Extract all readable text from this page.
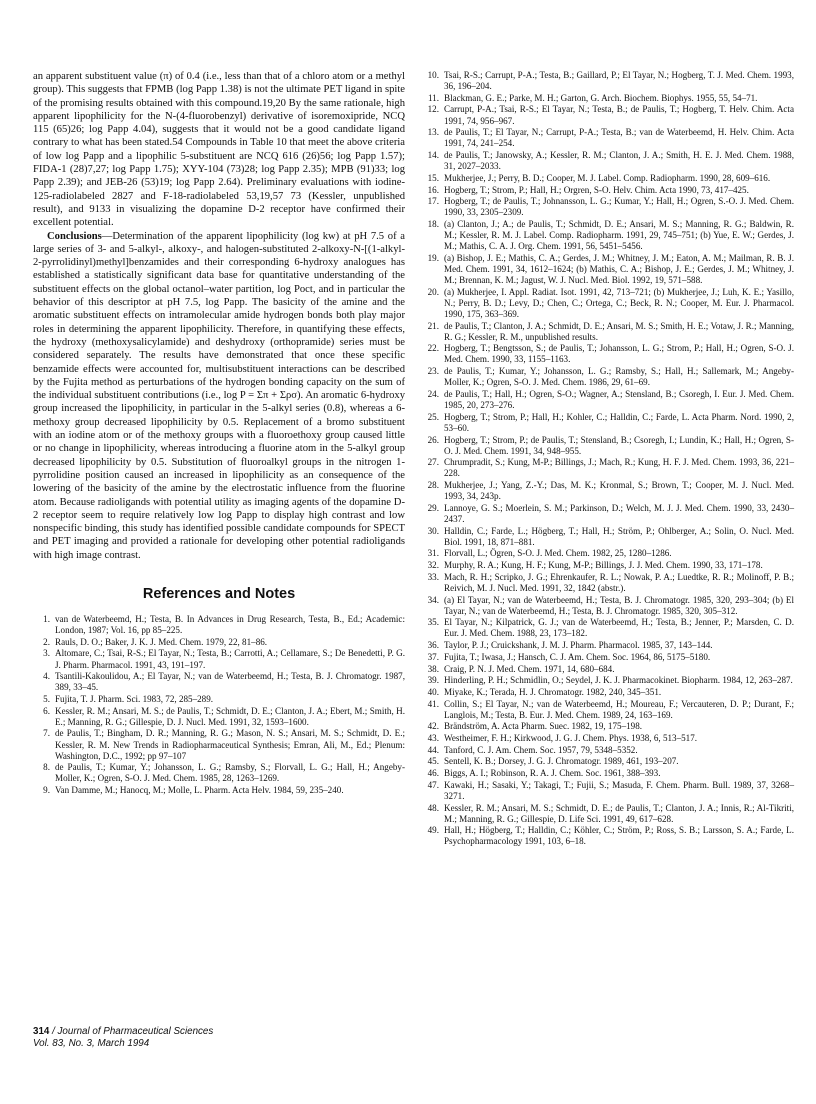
an apparent substituent value (π) of 0.4 (i.e., less than that of a chloro atom or a methyl group). This suggests that FPMB (log Papp 1.38) is not the ultimate PET ligand in spite of the promising results obtained with this compound.19,20 By the same rationale, high apparent lipophilicity for the N-(4-fluorobenzyl) derivative of isoremoxipride, NCQ 115 (65)26; log Papp 4.04), suggests that it would not be a good candidate ligand contrary to what has been stated.54 Compounds in Table 10 that meet the above criteria of low log Papp and a lipophilic 5-substituent are NCQ 616 (26)56; log Papp 1.57); FIDA-1 (28)7,27; log Papp 1.75); XYY-104 (73)28; log Papp 2.35); MPB (91)33; log Papp 2.39); and JEB-26 (53)19; log Papp 2.64). Preliminary evaluations with iodine-125-radiolabeled 2827 and F-18-radiolabeled 53,19,57 73 (Kessler, unpublished result), and 9133 in visualizing the dopamine D-2 receptor have confirmed their excellent potential.

Conclusions—Determination of the apparent lipophilicity (log kw) at pH 7.5 of a large series of 3- and 5-alkyl-, alkoxy-, and halogen-substituted 2-alkoxy-N-[(1-alkyl-2-pyrrolidinyl)methyl]benzamides and their corresponding 6-hydroxy analogues has established a statistically significant data base for quantitative understanding of the substituent effects on the global octanol–water partition, log Poct, and in particular the behavior of this descriptor at pH 7.5, log Papp. The basicity of the amine and the aromatic substituent effects on intramolecular amide hydrogen bonds both play major roles in determining the apparent lipophilicity. Therefore, in quantifying these effects, the hydroxy (methoxysalicylamide) and deshydroxy (orthopramide) series must be considered separately. The results have demonstrated that once these specific benzamide effects were accounted for, multisubstituent interactions can be described by the Fujita method as perturbations of the hydrogen bonding capacity on the sum of the individual substituent contributions (i.e., log P = Σπ + Σρσ). An aromatic 6-hydroxy group increased the lipophilicity, in particular in the 5-alkyl series (0.8), whereas a 6-methoxy group decreased lipophilicity by 0.5. Replacement of a bromo substituent with an iodine atom or of the methoxy groups with a fluoroethoxy group caused little or no change in lipophilicity, whereas introducing a fluorine atom in the 5-alkyl group decreased lipophilicity by 0.5. Substitution of fluoroalkyl groups in the nitrogen 1-pyrrolidine position caused an increased in lipophilicity as an consequence of the lowering of the basicity of the amine by the electrostatic influence from the fluorine atom. Because radioligands with potential utility as imaging agents of the dopamine D-2 receptor seem to require relatively low log Papp to display high contrast and low nonspecific binding, this study has identified possible candidate compounds for SPECT and PET imaging and provided a rationale for developing other potential radioligands with high image contrast.

References and Notes
1. van de Waterbeemd, H.; Testa, B. In Advances in Drug Research, Testa, B., Ed.; Academic: London, 1987; Vol. 16, pp 85–225.
2. Rauls, D. O.; Baker, J. K. J. Med. Chem. 1979, 22, 81–86.
3. Altomare, C.; Tsai, R-S.; El Tayar, N.; Testa, B.; Carrotti, A.; Cellamare, S.; De Benedetti, P. G. J. Pharm. Pharmacol. 1991, 43, 191–197.
4. Tsantili-Kakoulidou, A.; El Tayar, N.; van de Waterbeemd, H.; Testa, B. J. Chromatogr. 1987, 389, 33–45.
5. Fujita, T. J. Pharm. Sci. 1983, 72, 285–289.
6. Kessler, R. M.; Ansari, M. S.; de Paulis, T.; Schmidt, D. E.; Clanton, J. A.; Ebert, M.; Smith, H. E.; Manning, R. G.; Gillespie, D. J. Nucl. Med. 1991, 32, 1593–1600.
7. de Paulis, T.; Bingham, D. R.; Manning, R. G.; Mason, N. S.; Ansari, M. S.; Schmidt, D. E.; Kessler, R. M. New Trends in Radiopharmaceutical Synthesis; Emran, Ali, M., Ed.; Plenum: Washington, D.C., 1992; pp 97–107
8. de Paulis, T.; Kumar, Y.; Johansson, L. G.; Ramsby, S.; Florvall, L. G.; Hall, H.; Angeby-Moller, K.; Ogren, S-O. J. Med. Chem. 1985, 28, 1263–1269.
9. Van Damme, M.; Hanocq, M.; Molle, L. Pharm. Acta Helv. 1984, 59, 235–240.
10. Tsai, R-S.; Carrupt, P-A.; Testa, B.; Gaillard, P.; El Tayar, N.; Hogberg, T. J. Med. Chem. 1993, 36, 196–204.
11. Blackman, G. E.; Parke, M. H.; Garton, G. Arch. Biochem. Biophys. 1955, 55, 54–71.
12. Carrupt, P-A.; Tsai, R-S.; El Tayar, N.; Testa, B.; de Paulis, T.; Hogberg, T. Helv. Chim. Acta 1991, 74, 956–967.
13. de Paulis, T.; El Tayar, N.; Carrupt, P-A.; Testa, B.; van de Waterbeemd, H. Helv. Chim. Acta 1991, 74, 241–254.
14. de Paulis, T.; Janowsky, A.; Kessler, R. M.; Clanton, J. A.; Smith, H. E. J. Med. Chem. 1988, 31, 2027–2033.
15. Mukherjee, J.; Perry, B. D.; Cooper, M. J. Label. Comp. Radiopharm. 1990, 28, 609–616.
16. Hogberg, T.; Strom, P.; Hall, H.; Orgren, S-O. Helv. Chim. Acta 1990, 73, 417–425.
17. Hogberg, T.; de Paulis, T.; Johnansson, L. G.; Kumar, Y.; Hall, H.; Ogren, S.-O. J. Med. Chem. 1990, 33, 2305–2309.
18. (a) Clanton, J.; A.; de Paulis, T.; Schmidt, D. E.; Ansari, M. S.; Manning, R. G.; Baldwin, R. M.; Kessler, R. M. J. Label. Comp. Radiopharm. 1991, 29, 745–751; (b) Yue, E. W.; Gerdes, J. M.; Mathis, C. A. J. Org. Chem. 1991, 56, 5451–5456.
19. (a) Bishop, J. E.; Mathis, C. A.; Gerdes, J. M.; Whitney, J. M.; Eaton, A. M.; Mailman, R. B. J. Med. Chem. 1991, 34, 1612–1624; (b) Mathis, C. A.; Bishop, J. E.; Gerdes, J. M.; Whitney, J. M.; Brennan, K. M.; Jagust, W. J. Nucl. Med. Biol. 1992, 19, 571–588.
20. (a) Mukherjee, I. Appl. Radiat. Isot. 1991, 42, 713–721; (b) Mukherjee, J.; Luh, K. E.; Yasillo, N.; Perry, B. D.; Levy, D.; Chen, C.; Ortega, C.; Beck, R. N.; Cooper, M. Eur. J. Pharmacol. 1990, 175, 363–369.
21. de Paulis, T.; Clanton, J. A.; Schmidt, D. E.; Ansari, M. S.; Smith, H. E.; Votaw, J. R.; Manning, R. G.; Kessler, R. M., unpublished results.
22. Hogberg, T.; Bengtsson, S.; de Paulis, T.; Johansson, L. G.; Strom, P.; Hall, H.; Ogren, S-O. J. Med. Chem. 1990, 33, 1155–1163.
23. de Paulis, T.; Kumar, Y.; Johansson, L. G.; Ramsby, S.; Hall, H.; Sallemark, M.; Angeby-Moller, K.; Ogren, S-O. J. Med. Chem. 1986, 29, 61–69.
24. de Paulis, T.; Hall, H.; Ogren, S-O.; Wagner, A.; Stensland, B.; Csoregh, I. Eur. J. Med. Chem. 1985, 20, 273–276.
25. Hogberg, T.; Strom, P.; Hall, H.; Kohler, C.; Halldin, C.; Farde, L. Acta Pharm. Nord. 1990, 2, 53–60.
26. Hogberg, T.; Strom, P.; de Paulis, T.; Stensland, B.; Csoregh, I.; Lundin, K.; Hall, H.; Ogren, S-O. J. Med. Chem. 1991, 34, 948–955.
27. Chrumpradit, S.; Kung, M-P.; Billings, J.; Mach, R.; Kung, H. F. J. Med. Chem. 1993, 36, 221–228.
28. Mukherjee, J.; Yang, Z.-Y.; Das, M. K.; Kronmal, S.; Brown, T.; Cooper, M. J. Nucl. Med. 1993, 34, 243p.
29. Lannoye, G. S.; Moerlein, S. M.; Parkinson, D.; Welch, M. J. J. Med. Chem. 1990, 33, 2430–2437.
30. Halldin, C.; Farde, L.; Högberg, T.; Hall, H.; Ström, P.; Ohlberger, A.; Solin, O. Nucl. Med. Biol. 1991, 18, 871–881.
31. Florvall, L.; Ögren, S-O. J. Med. Chem. 1982, 25, 1280–1286.
32. Murphy, R. A.; Kung, H. F.; Kung, M-P.; Billings, J. J. Med. Chem. 1990, 33, 171–178.
33. Mach, R. H.; Scripko, J. G.; Ehrenkaufer, R. L.; Nowak, P. A.; Luedtke, R. R.; Molinoff, P. B.; Reivich, M. J. Nucl. Med. 1991, 32, 1842 (abstr.).
34. (a) El Tayar, N.; van de Waterbeemd, H.; Testa, B. J. Chromatogr. 1985, 320, 293–304; (b) El Tayar, N.; van de Waterbeemd, H.; Testa, B. J. Chromatogr. 1985, 320, 305–312.
35. El Tayar, N.; Kilpatrick, G. J.; van de Waterbeemd, H.; Testa, B.; Jenner, P.; Marsden, C. D. Eur. J. Med. Chem. 1988, 23, 173–182.
36. Taylor, P. J.; Cruickshank, J. M. J. Pharm. Pharmacol. 1985, 37, 143–144.
37. Fujita, T.; Iwasa, J.; Hansch, C. J. Am. Chem. Soc. 1964, 86, 5175–5180.
38. Craig, P. N. J. Med. Chem. 1971, 14, 680–684.
39. Hinderling, P. H.; Schmidlin, O.; Seydel, J. K. J. Pharmacokinet. Biopharm. 1984, 12, 263–287.
40. Miyake, K.; Terada, H. J. Chromatogr. 1982, 240, 345–351.
41. Collin, S.; El Tayar, N.; van de Waterbeemd, H.; Moureau, F.; Vercauteren, D. P.; Durant, F.; Langlois, M.; Testa, B. Eur. J. Med. Chem. 1989, 24, 163–169.
42. Brändström, A. Acta Pharm. Suec. 1982, 19, 175–198.
43. Westheimer, F. H.; Kirkwood, J. G. J. Chem. Phys. 1938, 6, 513–517.
44. Tanford, C. J. Am. Chem. Soc. 1957, 79, 5348–5352.
45. Sentell, K. B.; Dorsey, J. G. J. Chromatogr. 1989, 461, 193–207.
46. Biggs, A. I.; Robinson, R. A. J. Chem. Soc. 1961, 388–393.
47. Kawaki, H.; Sasaki, Y.; Takagi, T.; Fujii, S.; Masuda, F. Chem. Pharm. Bull. 1989, 37, 3268–3271.
48. Kessler, R. M.; Ansari, M. S.; Schmidt, D. E.; de Paulis, T.; Clanton, J. A.; Innis, R.; Al-Tikriti, M.; Manning, R. G.; Gillespie, D. Life Sci. 1991, 49, 617–628.
49. Hall, H.; Högberg, T.; Halldin, C.; Köhler, C.; Ström, P.; Ross, S. B.; Larsson, S. A.; Farde, L. Psychopharmacology 1991, 103, 6–18.
314 / Journal of Pharmaceutical Sciences
Vol. 83, No. 3, March 1994
